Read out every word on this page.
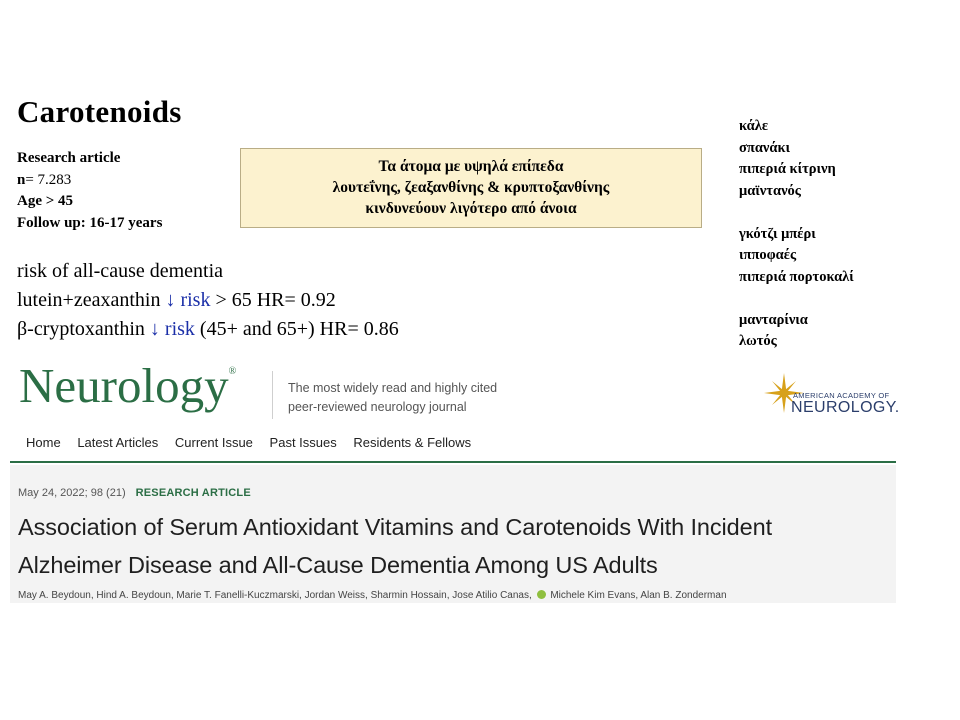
Carotenoids
Research article
n= 7.283
Age > 45
Follow up: 16-17 years
Τα άτομα με υψηλά επίπεδα
λουτεΐνης, ζεαξανθίνης & κρυπτοξανθίνης
κινδυνεύουν λιγότερο από άνοια
risk of all-cause dementia
lutein+zeaxanthin ↓ risk > 65 HR= 0.92
β-cryptoxanthin ↓ risk (45+ and 65+) HR= 0.86
κάλε
σπανάκι
πιπεριά κίτρινη
μαϊντανός
γκότζι μπέρι
ιπποφαές
πιπεριά πορτοκαλί
μανταρίνια
λωτός
Neurology®
The most widely read and highly cited
peer-reviewed neurology journal
AMERICAN ACADEMY OF
NEUROLOGY.
Home Latest Articles Current Issue Past Issues Residents & Fellows
May 24, 2022; 98 (21) RESEARCH ARTICLE
Association of Serum Antioxidant Vitamins and Carotenoids With Incident
Alzheimer Disease and All-Cause Dementia Among US Adults
May A. Beydoun, Hind A. Beydoun, Marie T. Fanelli-Kuczmarski, Jordan Weiss, Sharmin Hossain, Jose Atilio Canas, Michele Kim Evans, Alan B. Zonderman
